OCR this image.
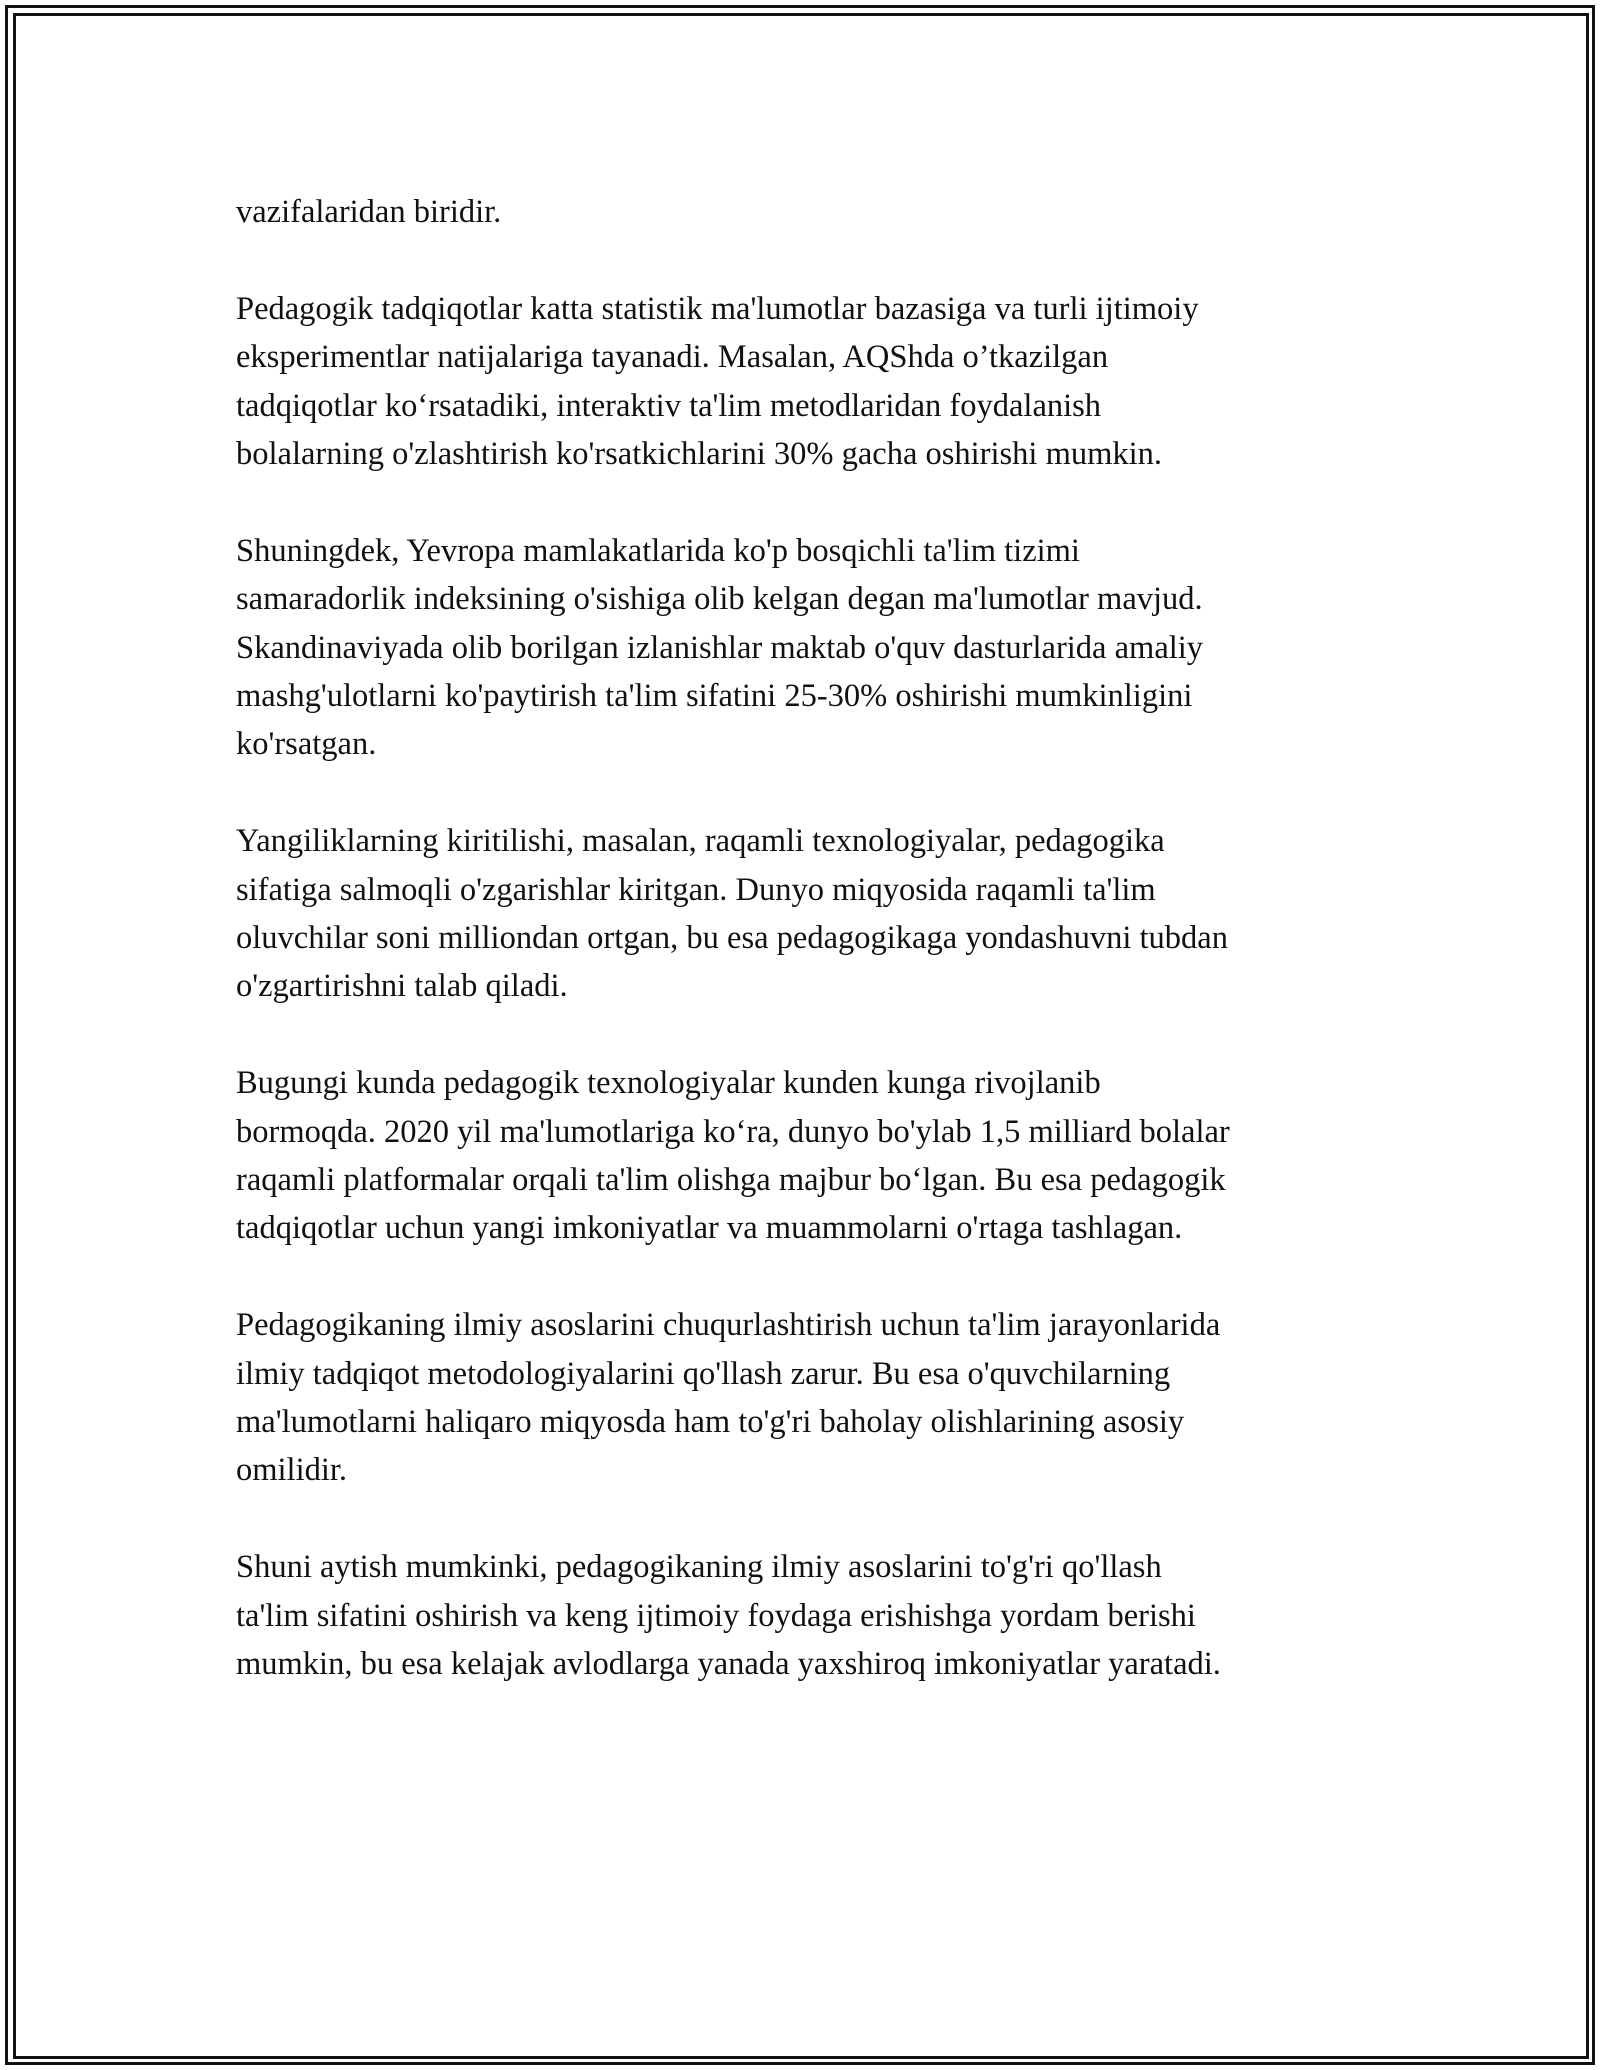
vazifalaridan biridir.

Pedagogik tadqiqotlar katta statistik ma'lumotlar bazasiga va turli ijtimoiy
eksperimentlar natijalariga tayanadi. Masalan, AQShda o’tkazilgan
tadqiqotlar ko‘rsatadiki, interaktiv ta'lim metodlaridan foydalanish
bolalarning o'zlashtirish ko'rsatkichlarini 30% gacha oshirishi mumkin.

Shuningdek, Yevropa mamlakatlarida ko'p bosqichli ta'lim tizimi
samaradorlik indeksining o'sishiga olib kelgan degan ma'lumotlar mavjud.
Skandinaviyada olib borilgan izlanishlar maktab o'quv dasturlarida amaliy
mashg'ulotlarni ko'paytirish ta'lim sifatini 25-30% oshirishi mumkinligini
ko'rsatgan.

Yangiliklarning kiritilishi, masalan, raqamli texnologiyalar, pedagogika
sifatiga salmoqli o'zgarishlar kiritgan. Dunyo miqyosida raqamli ta'lim
oluvchilar soni milliondan ortgan, bu esa pedagogikaga yondashuvni tubdan
o'zgartirishni talab qiladi.

Bugungi kunda pedagogik texnologiyalar kunden kunga rivojlanib
bormoqda. 2020 yil ma'lumotlariga ko‘ra, dunyo bo'ylab 1,5 milliard bolalar
raqamli platformalar orqali ta'lim olishga majbur bo‘lgan. Bu esa pedagogik
tadqiqotlar uchun yangi imkoniyatlar va muammolarni o'rtaga tashlagan.

Pedagogikaning ilmiy asoslarini chuqurlashtirish uchun ta'lim jarayonlarida
ilmiy tadqiqot metodologiyalarini qo'llash zarur. Bu esa o'quvchilarning
ma'lumotlarni haliqaro miqyosda ham to'g'ri baholay olishlarining asosiy
omilidir.

Shuni aytish mumkinki, pedagogikaning ilmiy asoslarini to'g'ri qo'llash
ta'lim sifatini oshirish va keng ijtimoiy foydaga erishishga yordam berishi
mumkin, bu esa kelajak avlodlarga yanada yaxshiroq imkoniyatlar yaratadi.
